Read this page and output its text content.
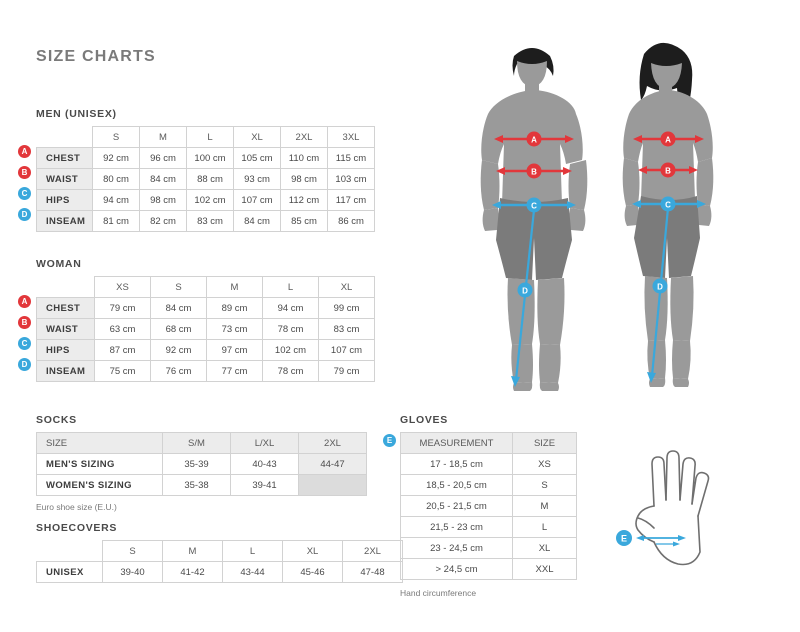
SIZE CHARTS
MEN (UNISEX)
	S	M	L	XL	2XL	3XL
CHEST	92 cm	96 cm	100 cm	105 cm	110 cm	115 cm
WAIST	80 cm	84 cm	88 cm	93 cm	98 cm	103 cm
HIPS	94 cm	98 cm	102 cm	107 cm	112 cm	117 cm
INSEAM	81 cm	82 cm	83 cm	84 cm	85 cm	86 cm
A
B
C
D
WOMAN
	XS	S	M	L	XL
CHEST	79 cm	84 cm	89 cm	94 cm	99 cm
WAIST	63 cm	68 cm	73 cm	78 cm	83 cm
HIPS	87 cm	92 cm	97 cm	102 cm	107 cm
INSEAM	75 cm	76 cm	77 cm	78 cm	79 cm
A
B
C
D
SOCKS
SIZE	S/M	L/XL	2XL
MEN'S SIZING	35-39	40-43	44-47
WOMEN'S SIZING	35-38	39-41	
Euro shoe size (E.U.)
SHOECOVERS
	S	M	L	XL	2XL
UNISEX	39-40	41-42	43-44	45-46	47-48
GLOVES
MEASUREMENT	SIZE
17 - 18,5 cm	XS
18,5 - 20,5 cm	S
20,5 - 21,5 cm	M
21,5 - 23 cm	L
23 - 24,5 cm	XL
> 24,5 cm	XXL
Hand circumference
E
A
B
C
D
A
B
C
D
E
